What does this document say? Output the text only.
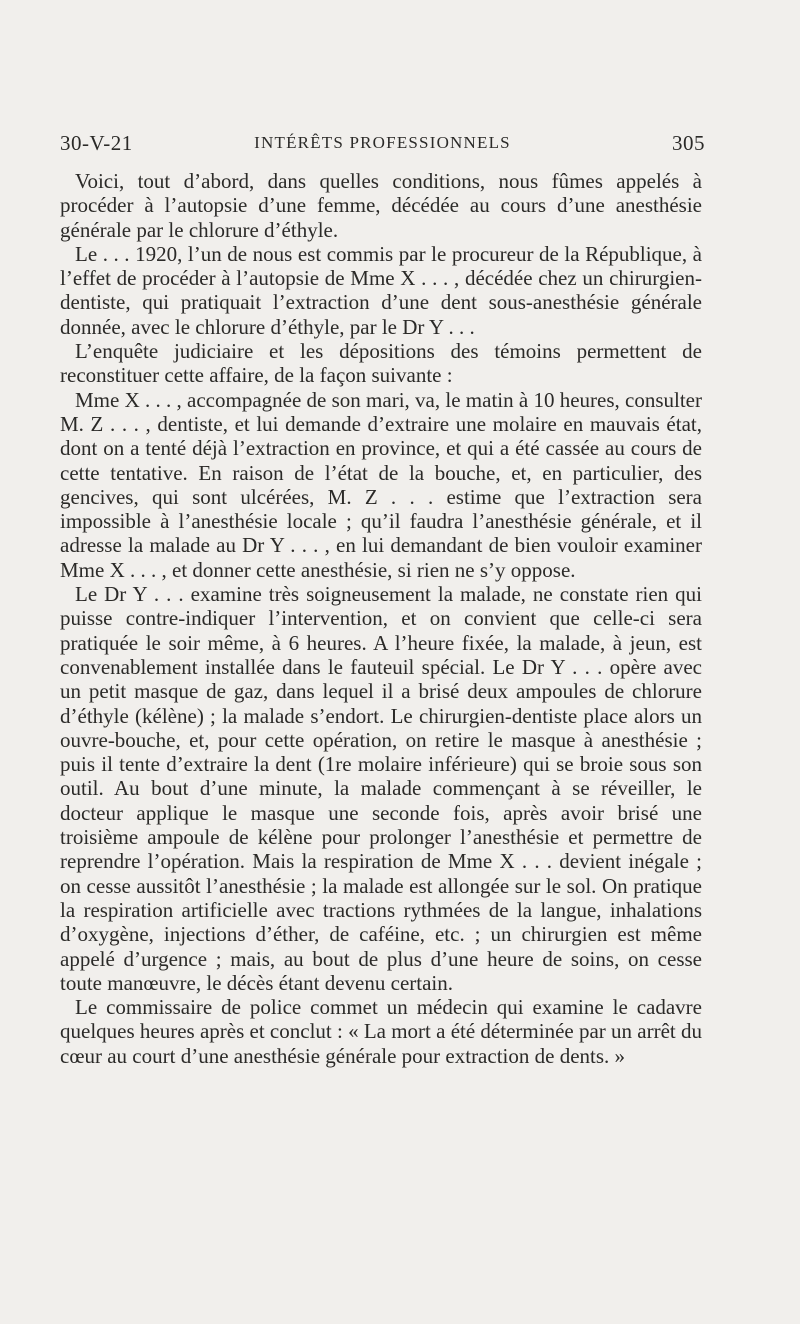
30-V-21	INTÉRÊTS PROFESSIONNELS	305

Voici, tout d’abord, dans quelles conditions, nous fûmes appelés à procéder à l’autopsie d’une femme, décédée au cours d’une anesthésie générale par le chlorure d’éthyle.

Le . . . 1920, l’un de nous est commis par le procureur de la République, à l’effet de procéder à l’autopsie de Mme X . . . , décédée chez un chirurgien-dentiste, qui pratiquait l’extraction d’une dent sous-anesthésie générale donnée, avec le chlorure d’éthyle, par le Dr Y . . .

L’enquête judiciaire et les dépositions des témoins permettent de reconstituer cette affaire, de la façon suivante :

Mme X . . . , accompagnée de son mari, va, le matin à 10 heures, consulter M. Z . . . , dentiste, et lui demande d’extraire une molaire en mauvais état, dont on a tenté déjà l’extraction en province, et qui a été cassée au cours de cette tentative. En raison de l’état de la bouche, et, en particulier, des gencives, qui sont ulcérées, M. Z . . . estime que l’extraction sera impossible à l’anesthésie locale ; qu’il faudra l’anesthésie générale, et il adresse la malade au Dr Y . . . , en lui demandant de bien vouloir examiner Mme X . . . , et donner cette anesthésie, si rien ne s’y oppose.

Le Dr Y . . . examine très soigneusement la malade, ne constate rien qui puisse contre-indiquer l’intervention, et on convient que celle-ci sera pratiquée le soir même, à 6 heures. A l’heure fixée, la malade, à jeun, est convenablement installée dans le fauteuil spécial. Le Dr Y . . . opère avec un petit masque de gaz, dans lequel il a brisé deux ampoules de chlorure d’éthyle (kélène) ; la malade s’endort. Le chirurgien-dentiste place alors un ouvre-bouche, et, pour cette opération, on retire le masque à anesthésie ; puis il tente d’extraire la dent (1re molaire inférieure) qui se broie sous son outil. Au bout d’une minute, la malade commençant à se réveiller, le docteur applique le masque une seconde fois, après avoir brisé une troisième ampoule de kélène pour prolonger l’anesthésie et permettre de reprendre l’opération. Mais la respiration de Mme X . . . devient inégale ; on cesse aussitôt l’anesthésie ; la malade est allongée sur le sol. On pratique la respiration artificielle avec tractions rythmées de la langue, inhalations d’oxygène, injections d’éther, de caféine, etc. ; un chirurgien est même appelé d’urgence ; mais, au bout de plus d’une heure de soins, on cesse toute manœuvre, le décès étant devenu certain.

Le commissaire de police commet un médecin qui examine le cadavre quelques heures après et conclut : « La mort a été déterminée par un arrêt du cœur au court d’une anesthésie générale pour extraction de dents. »
